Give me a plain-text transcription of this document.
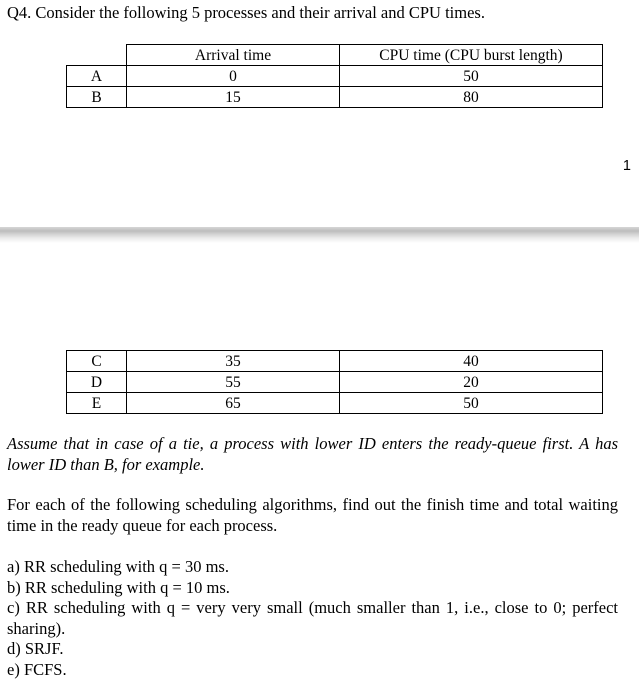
Q4. Consider the following 5 processes and their arrival and CPU times.
	Arrival time	CPU time (CPU burst length)
A	0	50
B	15	80
1
C	35	40
D	55	20
E	65	50

Assume that in case of a tie, a process with lower ID enters the ready-queue first. A has lower ID than B, for example.

For each of the following scheduling algorithms, find out the finish time and total waiting time in the ready queue for each process.

a) RR scheduling with q = 30 ms.
b) RR scheduling with q = 10 ms.
c) RR scheduling with q = very very small (much smaller than 1, i.e., close to 0; perfect sharing).
d) SRJF.
e) FCFS.
